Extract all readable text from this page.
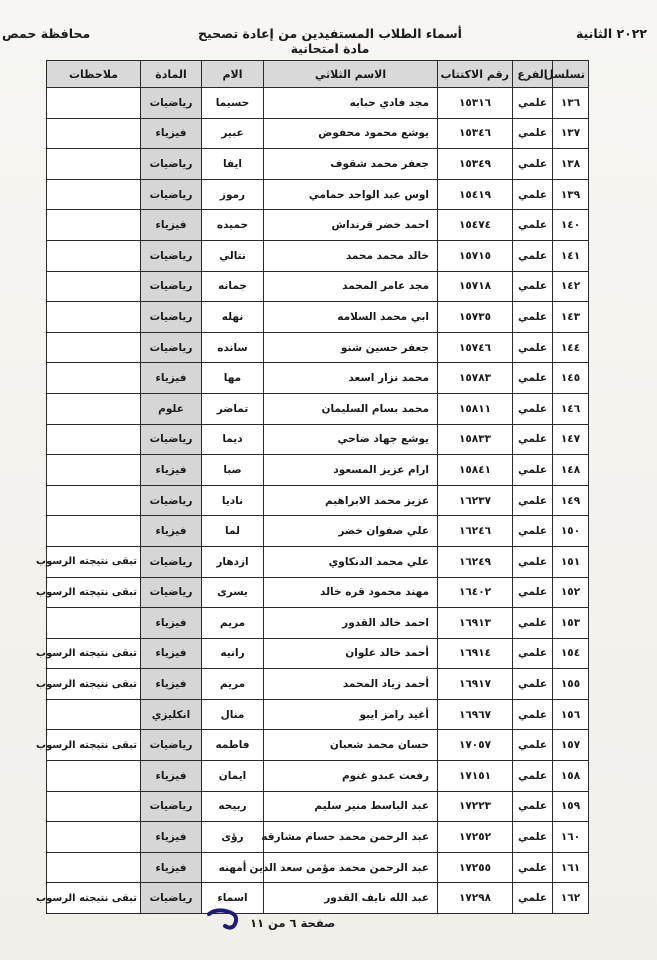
٢٠٢٢ الثانية
أسماء الطلاب المستفيدين من إعادة تصحيح مادة امتحانية
محافظة حمص
تسلسل	الفرع	رقم الاكتتاب	الاسم الثلاثي	الام	المادة	ملاحظات
١٣٦	علمي	١٥٣١٦	مجد فادي حبابه	حسيما	رياضيات	
١٣٧	علمي	١٥٣٤٦	يوشع محمود محفوض	عبير	فيزياء	
١٣٨	علمي	١٥٣٤٩	جعفر محمد شقوف	ايفا	رياضيات	
١٣٩	علمي	١٥٤١٩	اوس عبد الواحد حمامي	رموز	رياضيات	
١٤٠	علمي	١٥٤٧٤	احمد خضر قرنداش	حميده	فيزياء	
١٤١	علمي	١٥٧١٥	خالد محمد محمد	نتالي	رياضيات	
١٤٢	علمي	١٥٧١٨	مجد عامر المحمد	جمانه	رياضيات	
١٤٣	علمي	١٥٧٣٥	ابي محمد السلامه	نهله	رياضيات	
١٤٤	علمي	١٥٧٤٦	جعفر حسين شنو	سانده	رياضيات	
١٤٥	علمي	١٥٧٨٣	محمد نزار اسعد	مها	فيزياء	
١٤٦	علمي	١٥٨١١	محمد بسام السليمان	تماضر	علوم	
١٤٧	علمي	١٥٨٣٣	يوشع جهاد ضاحي	ديما	رياضيات	
١٤٨	علمي	١٥٨٤١	ارام عزيز المسعود	صبا	فيزياء	
١٤٩	علمي	١٦٢٣٧	عزيز محمد الابراهيم	ناديا	رياضيات	
١٥٠	علمي	١٦٢٤٦	علي صفوان خضر	لما	فيزياء	
١٥١	علمي	١٦٢٤٩	علي محمد الدنكاوي	ازدهار	رياضيات	تبقى نتيجته الرسوب
١٥٢	علمي	١٦٤٠٢	مهند محمود قره خالد	يسرى	رياضيات	تبقى نتيجته الرسوب
١٥٣	علمي	١٦٩١٣	احمد خالد القدور	مريم	فيزياء	
١٥٤	علمي	١٦٩١٤	أحمد خالد علوان	رانيه	فيزياء	تبقى نتيجته الرسوب
١٥٥	علمي	١٦٩١٧	أحمد زياد المحمد	مريم	فيزياء	تبقى نتيجته الرسوب
١٥٦	علمي	١٦٩٦٧	أغيد رامز ايبو	منال	انكليزي	
١٥٧	علمي	١٧٠٥٧	حسان محمد شعبان	فاطمه	رياضيات	تبقى نتيجته الرسوب
١٥٨	علمي	١٧١٥١	رفعت عبدو غنوم	ايمان	فيزياء	
١٥٩	علمي	١٧٢٢٣	عبد الباسط منير سليم	ربيحه	رياضيات	
١٦٠	علمي	١٧٢٥٢	عبد الرحمن محمد حسام مشارقه	رؤى	فيزياء	
١٦١	علمي	١٧٢٥٥	عبد الرحمن محمد مؤمن سعد الدين	أمهنه	فيزياء	
١٦٢	علمي	١٧٢٩٨	عبد الله نايف القدور	اسماء	رياضيات	تبقى نتيجته الرسوب
صفحة ٦ من ١١
